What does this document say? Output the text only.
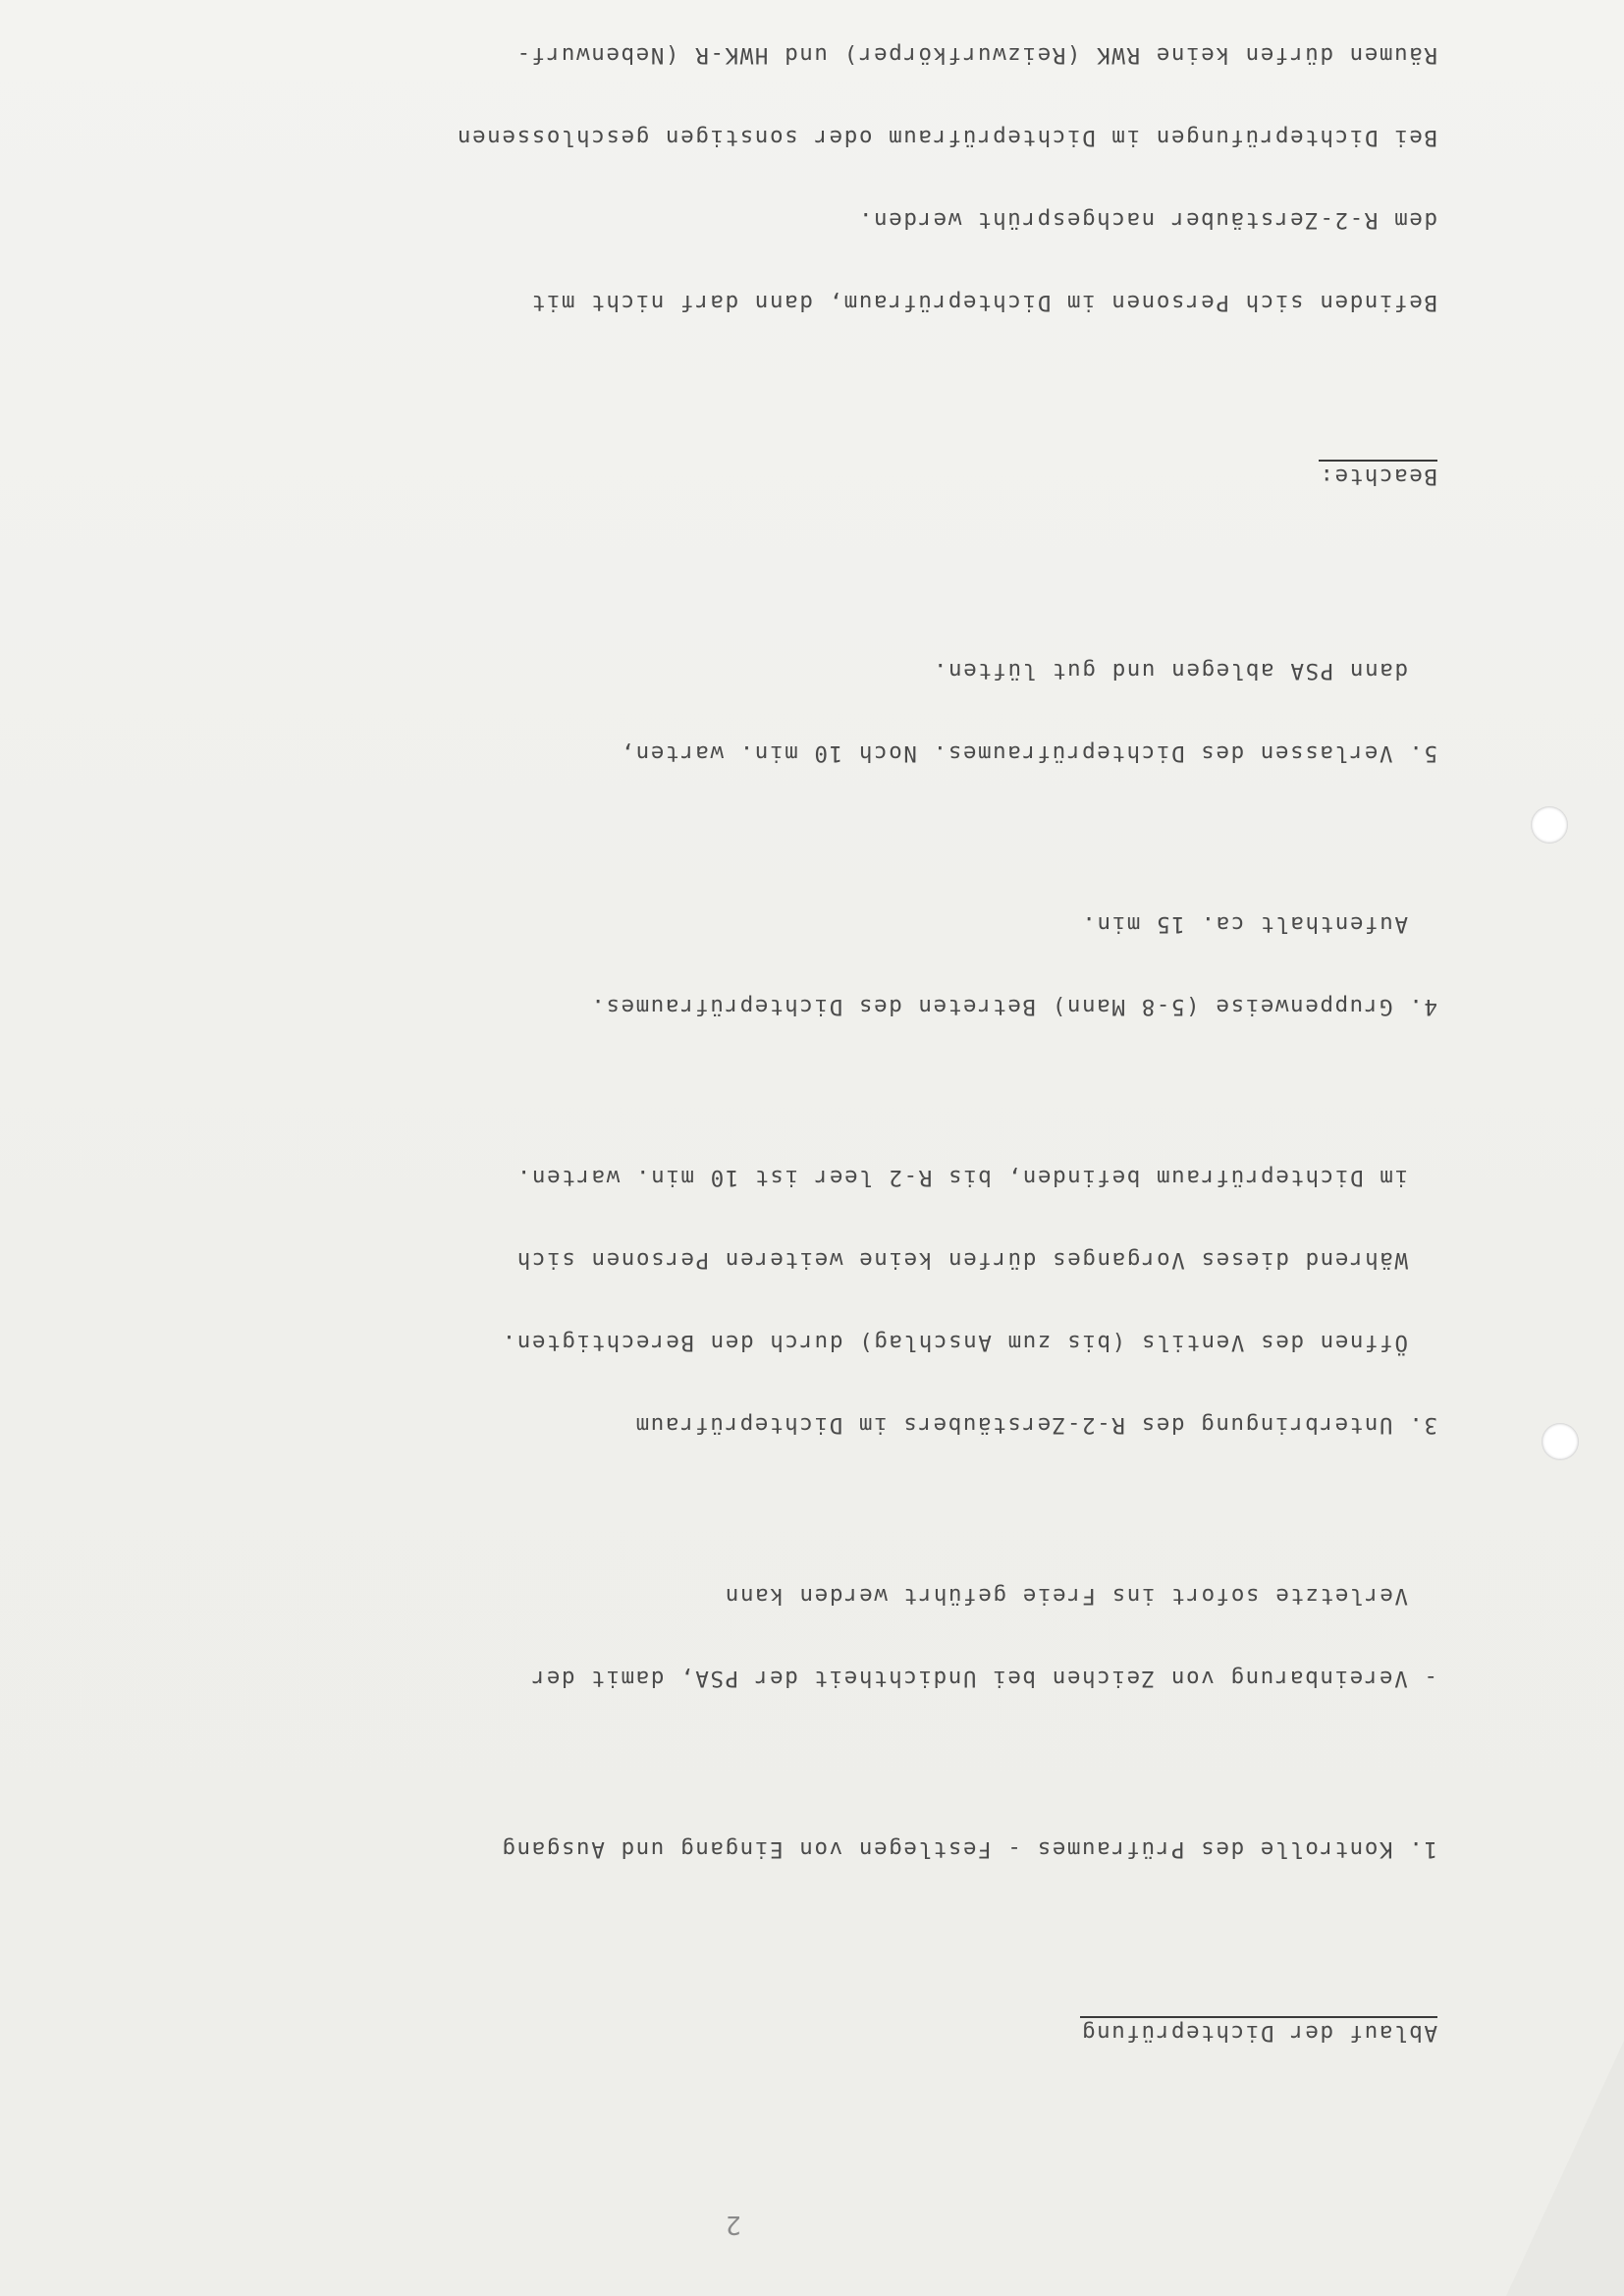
2

Ablauf der Dichteprüfung

1. Kontrolle des Prüfraumes - Festlegen von Eingang und Ausgang

- Vereinbarung von Zeichen bei Undichtheit der PSA, damit der

Verletzte sofort ins Freie geführt werden kann

3. Unterbringung des R-2-Zerstäubers im Dichteprüfraum

Öffnen des Ventils (bis zum Anschlag) durch den Berechtigten.

Während dieses Vorganges dürfen keine weiteren Personen sich

im Dichteprüfraum befinden, bis R-2 leer ist 10 min. warten.

4. Gruppenweise (5-8 Mann) Betreten des Dichteprüfraumes.

Aufenthalt ca. 15 min.

5. Verlassen des Dichteprüfraumes. Noch 10 min. warten,

dann PSA ablegen und gut lüften.

Beachte:

Befinden sich Personen im Dichteprüfraum, dann darf nicht mit

dem R-2-Zerstäuber nachgesprüht werden.

Bei Dichteprüfungen im Dichteprüfraum oder sonstigen geschlossenen

Räumen dürfen keine RWK (Reizwurfkörper) und HWK-R (Nebenwurf-
